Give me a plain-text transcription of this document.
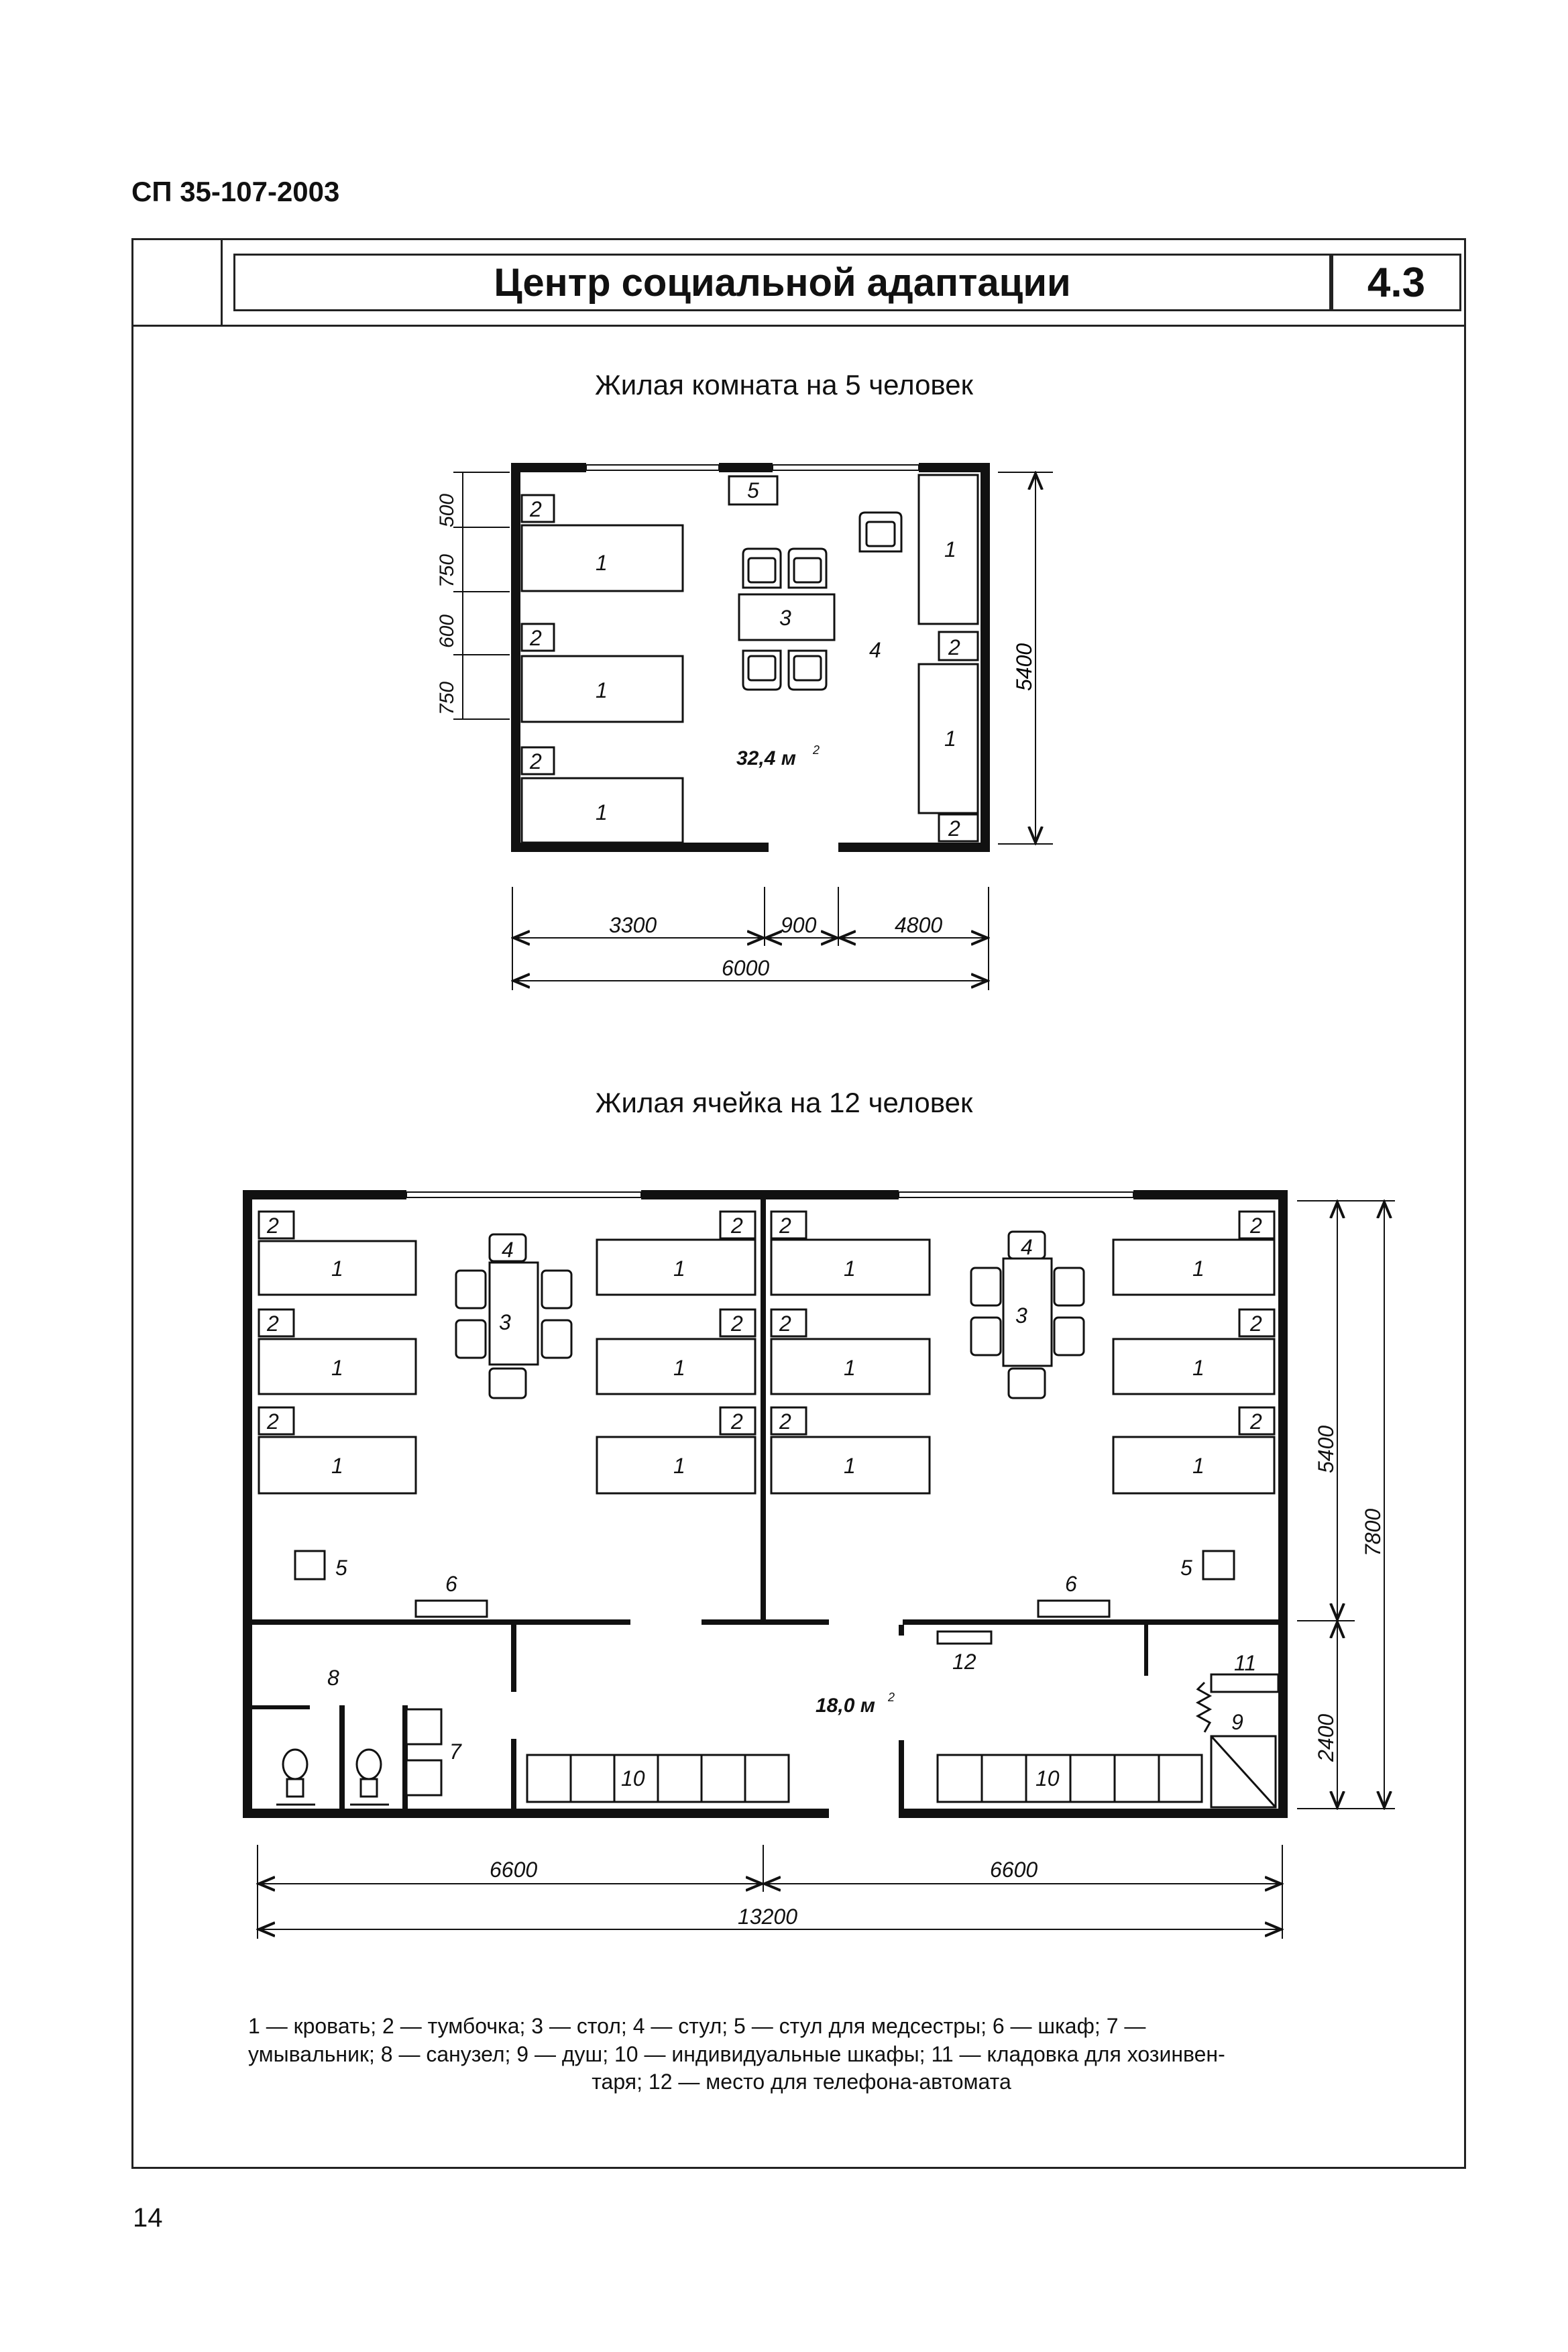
СП 35-107-2003
Центр социальной адаптации	4.3
Жилая комната на 5 человек
Жилая ячейка на 12 человек
1
1
1
1
1
2
2
2
2
2
3
4
5
32,4 м 2
500
750
600
750
5400
3300	900	4800
6000
1
1
1
1
1
1
1
1
1
1
1
1
2
2
2
2
2
2
2
2
2
2
2
2
3	3
4	4
5	5
6	6
7
8
9
10	10
11
12
18,0 м 2
5400
2400
7800
6600	6600
13200
1 — кровать; 2 — тумбочка; 3 — стол; 4 — стул; 5 — стул для медсестры; 6 — шкаф; 7 —
умывальник; 8 — санузел; 9 — душ; 10 — индивидуальные шкафы; 11 — кладовка для хозинвен-
таря; 12 — место для телефона-автомата
14
